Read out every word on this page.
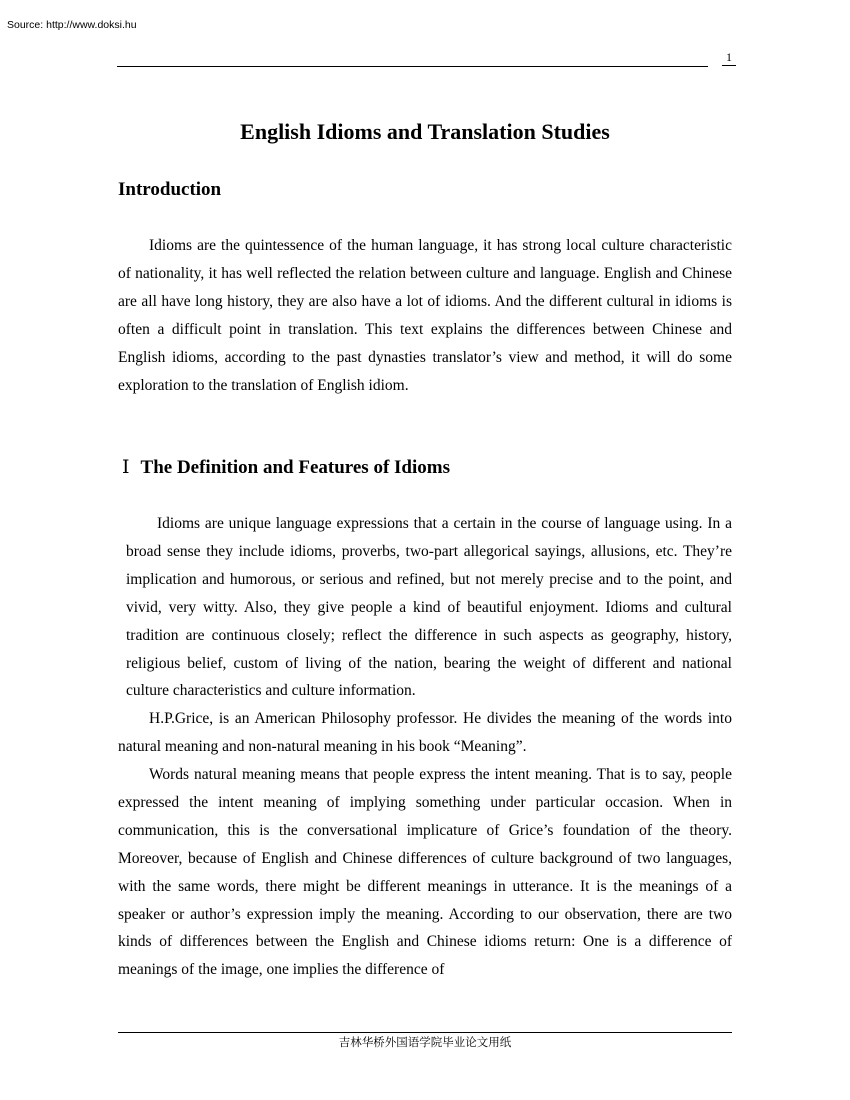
Source: http://www.doksi.hu
1
English Idioms and Translation Studies
Introduction

Idioms are the quintessence of the human language, it has strong local culture characteristic of nationality, it has well reflected the relation between culture and language. English and Chinese are all have long history, they are also have a lot of idioms. And the different cultural in idioms is often a difficult point in translation. This text explains the differences between Chinese and English idioms, according to the past dynasties translator’s view and method, it will do some exploration to the translation of English idiom.

Ⅰ The Definition and Features of Idioms

Idioms are unique language expressions that a certain in the course of language using. In a broad sense they include idioms, proverbs, two-part allegorical sayings, allusions, etc. They’re implication and humorous, or serious and refined, but not merely precise and to the point, and vivid, very witty. Also, they give people a kind of beautiful enjoyment. Idioms and cultural tradition are continuous closely; reflect the difference in such aspects as geography, history, religious belief, custom of living of the nation, bearing the weight of different and national culture characteristics and culture information.

H.P.Grice, is an American Philosophy professor. He divides the meaning of the words into natural meaning and non-natural meaning in his book “Meaning”.

Words natural meaning means that people express the intent meaning. That is to say, people expressed the intent meaning of implying something under particular occasion. When in communication, this is the conversational implicature of Grice’s foundation of the theory. Moreover, because of English and Chinese differences of culture background of two languages, with the same words, there might be different meanings in utterance. It is the meanings of a speaker or author’s expression imply the meaning. According to our observation, there are two kinds of differences between the English and Chinese idioms return: One is a difference of meanings of the image, one implies the difference of

吉林华桥外国语学院毕业论文用纸
